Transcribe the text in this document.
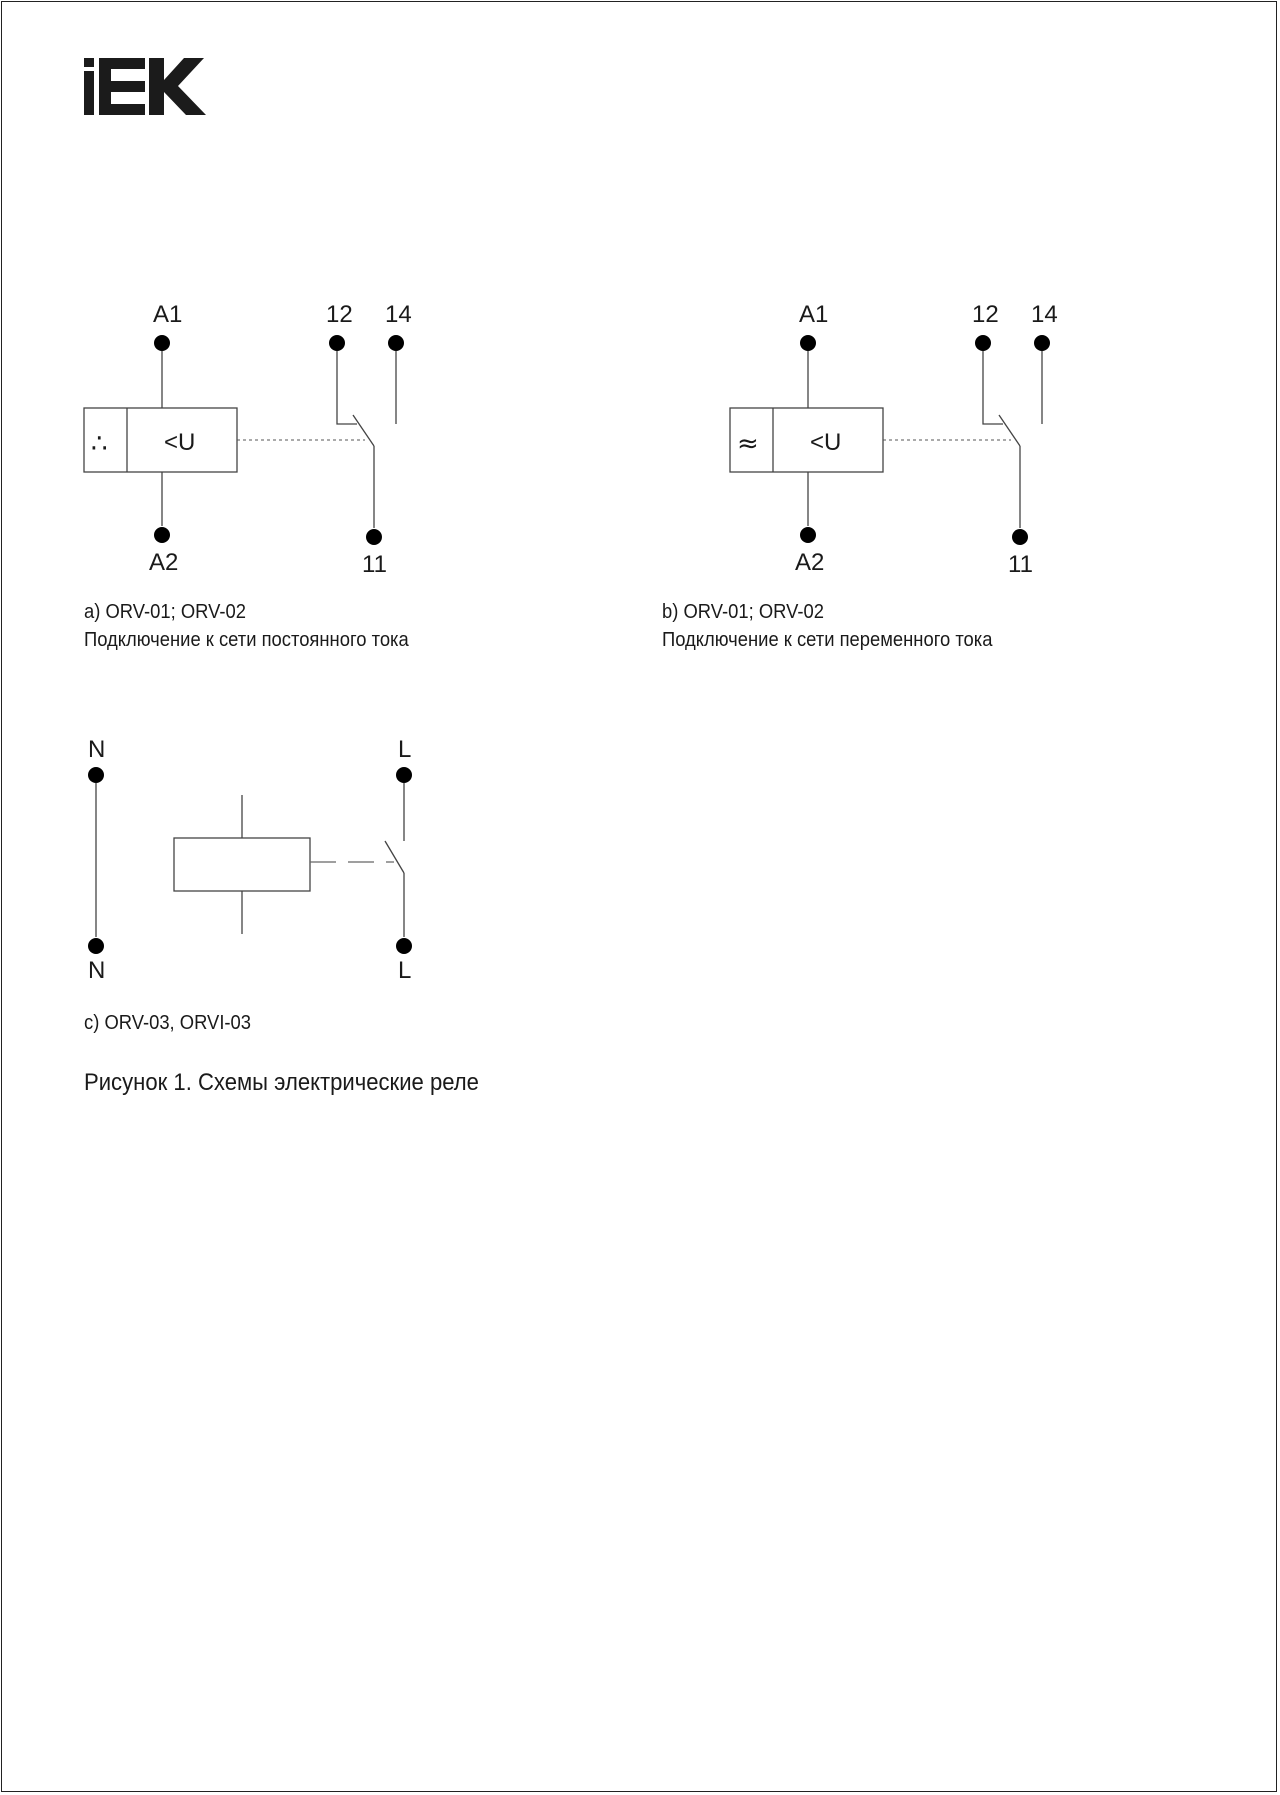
A1
∴ <U
A2
12 14
11
A1
≈ <U
A2
12 14
11
N
N
L
L
a) ORV-01; ORV-02
Подключение к сети постоянного тока
b) ORV-01; ORV-02
Подключение к сети переменного тока
c) ORV-03, ORVI-03
Рисунок 1. Схемы электрические реле
